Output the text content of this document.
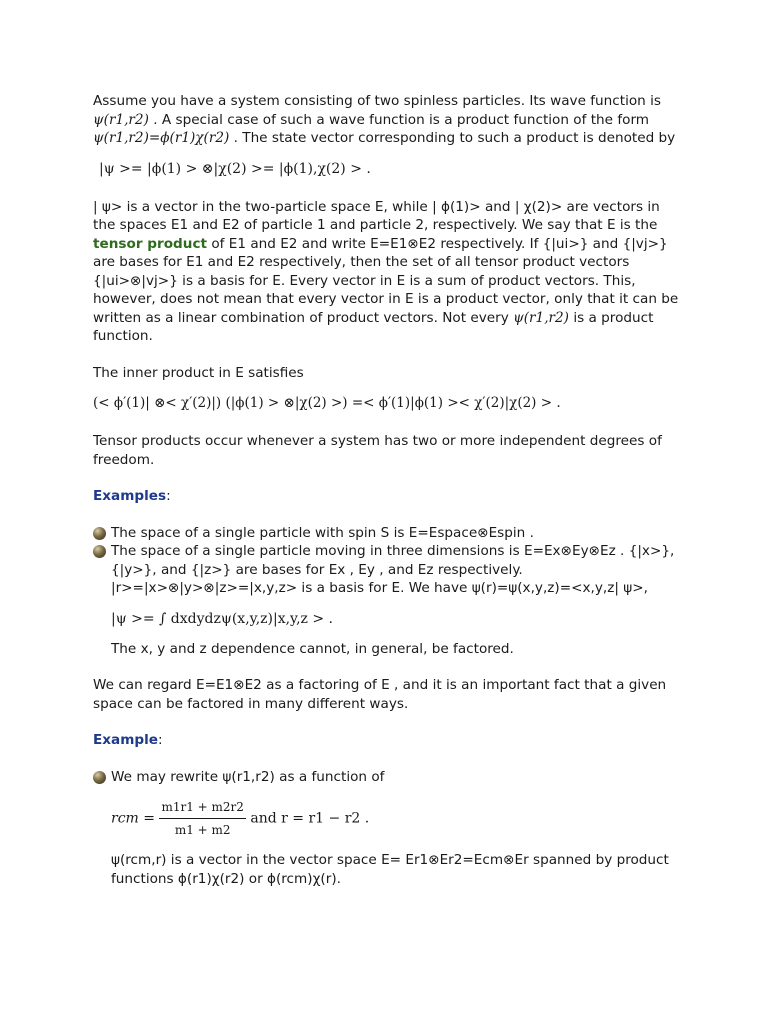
Assume you have a system consisting of two spinless particles. Its wave function is

ψ(r1,r2) . A special case of such a wave function is a product function of the form

ψ(r1,r2)=ϕ(r1)χ(r2) . The state vector corresponding to such a product is denoted by

|ψ >= |ϕ(1) > ⊗|χ(2) >= |ϕ(1),χ(2) > .

| ψ> is a vector in the two-particle space E, while | ϕ(1)> and | χ(2)> are vectors in the spaces E1 and E2 of particle 1 and particle 2, respectively. We say that E is the tensor product of E1 and E2 and write E=E1⊗E2 respectively. If {|ui>} and {|vj>} are bases for E1 and E2 respectively, then the set of all tensor product vectors {|ui>⊗|vj>} is a basis for E. Every vector in E is a sum of product vectors. This, however, does not mean that every vector in E is a product vector, only that it can be written as a linear combination of product vectors. Not every ψ(r1,r2) is a product function.

The inner product in E satisfies

(< ϕ′(1)| ⊗< χ′(2)|) (|ϕ(1) > ⊗|χ(2) >) =< ϕ′(1)|ϕ(1) >< χ′(2)|χ(2) > .

Tensor products occur whenever a system has two or more independent degrees of freedom.

Examples:

The space of a single particle with spin S is E=Espace⊗Espin .
The space of a single particle moving in three dimensions is E=Ex⊗Ey⊗Ez . {|x>}, {|y>}, and {|z>} are bases for Ex , Ey , and Ez respectively.
|r>=|x>⊗|y>⊗|z>=|x,y,z> is a basis for E. We have ψ(r)=ψ(x,y,z)=<x,y,z| ψ>,

|ψ >= ∫ dxdydzψ(x,y,z)|x,y,z > .

The x, y and z dependence cannot, in general, be factored.

We can regard E=E1⊗E2 as a factoring of E , and it is an important fact that a given space can be factored in many different ways.

Example:

We may rewrite ψ(r1,r2) as a function of

rcm = $\frac{m1r1 + m2r2}{m1 + m2}$ and r = r1 − r2 .

ψ(rcm,r) is a vector in the vector space E= Er1⊗Er2=Ecm⊗Er spanned by product functions ϕ(r1)χ(r2) or ϕ(rcm)χ(r).
